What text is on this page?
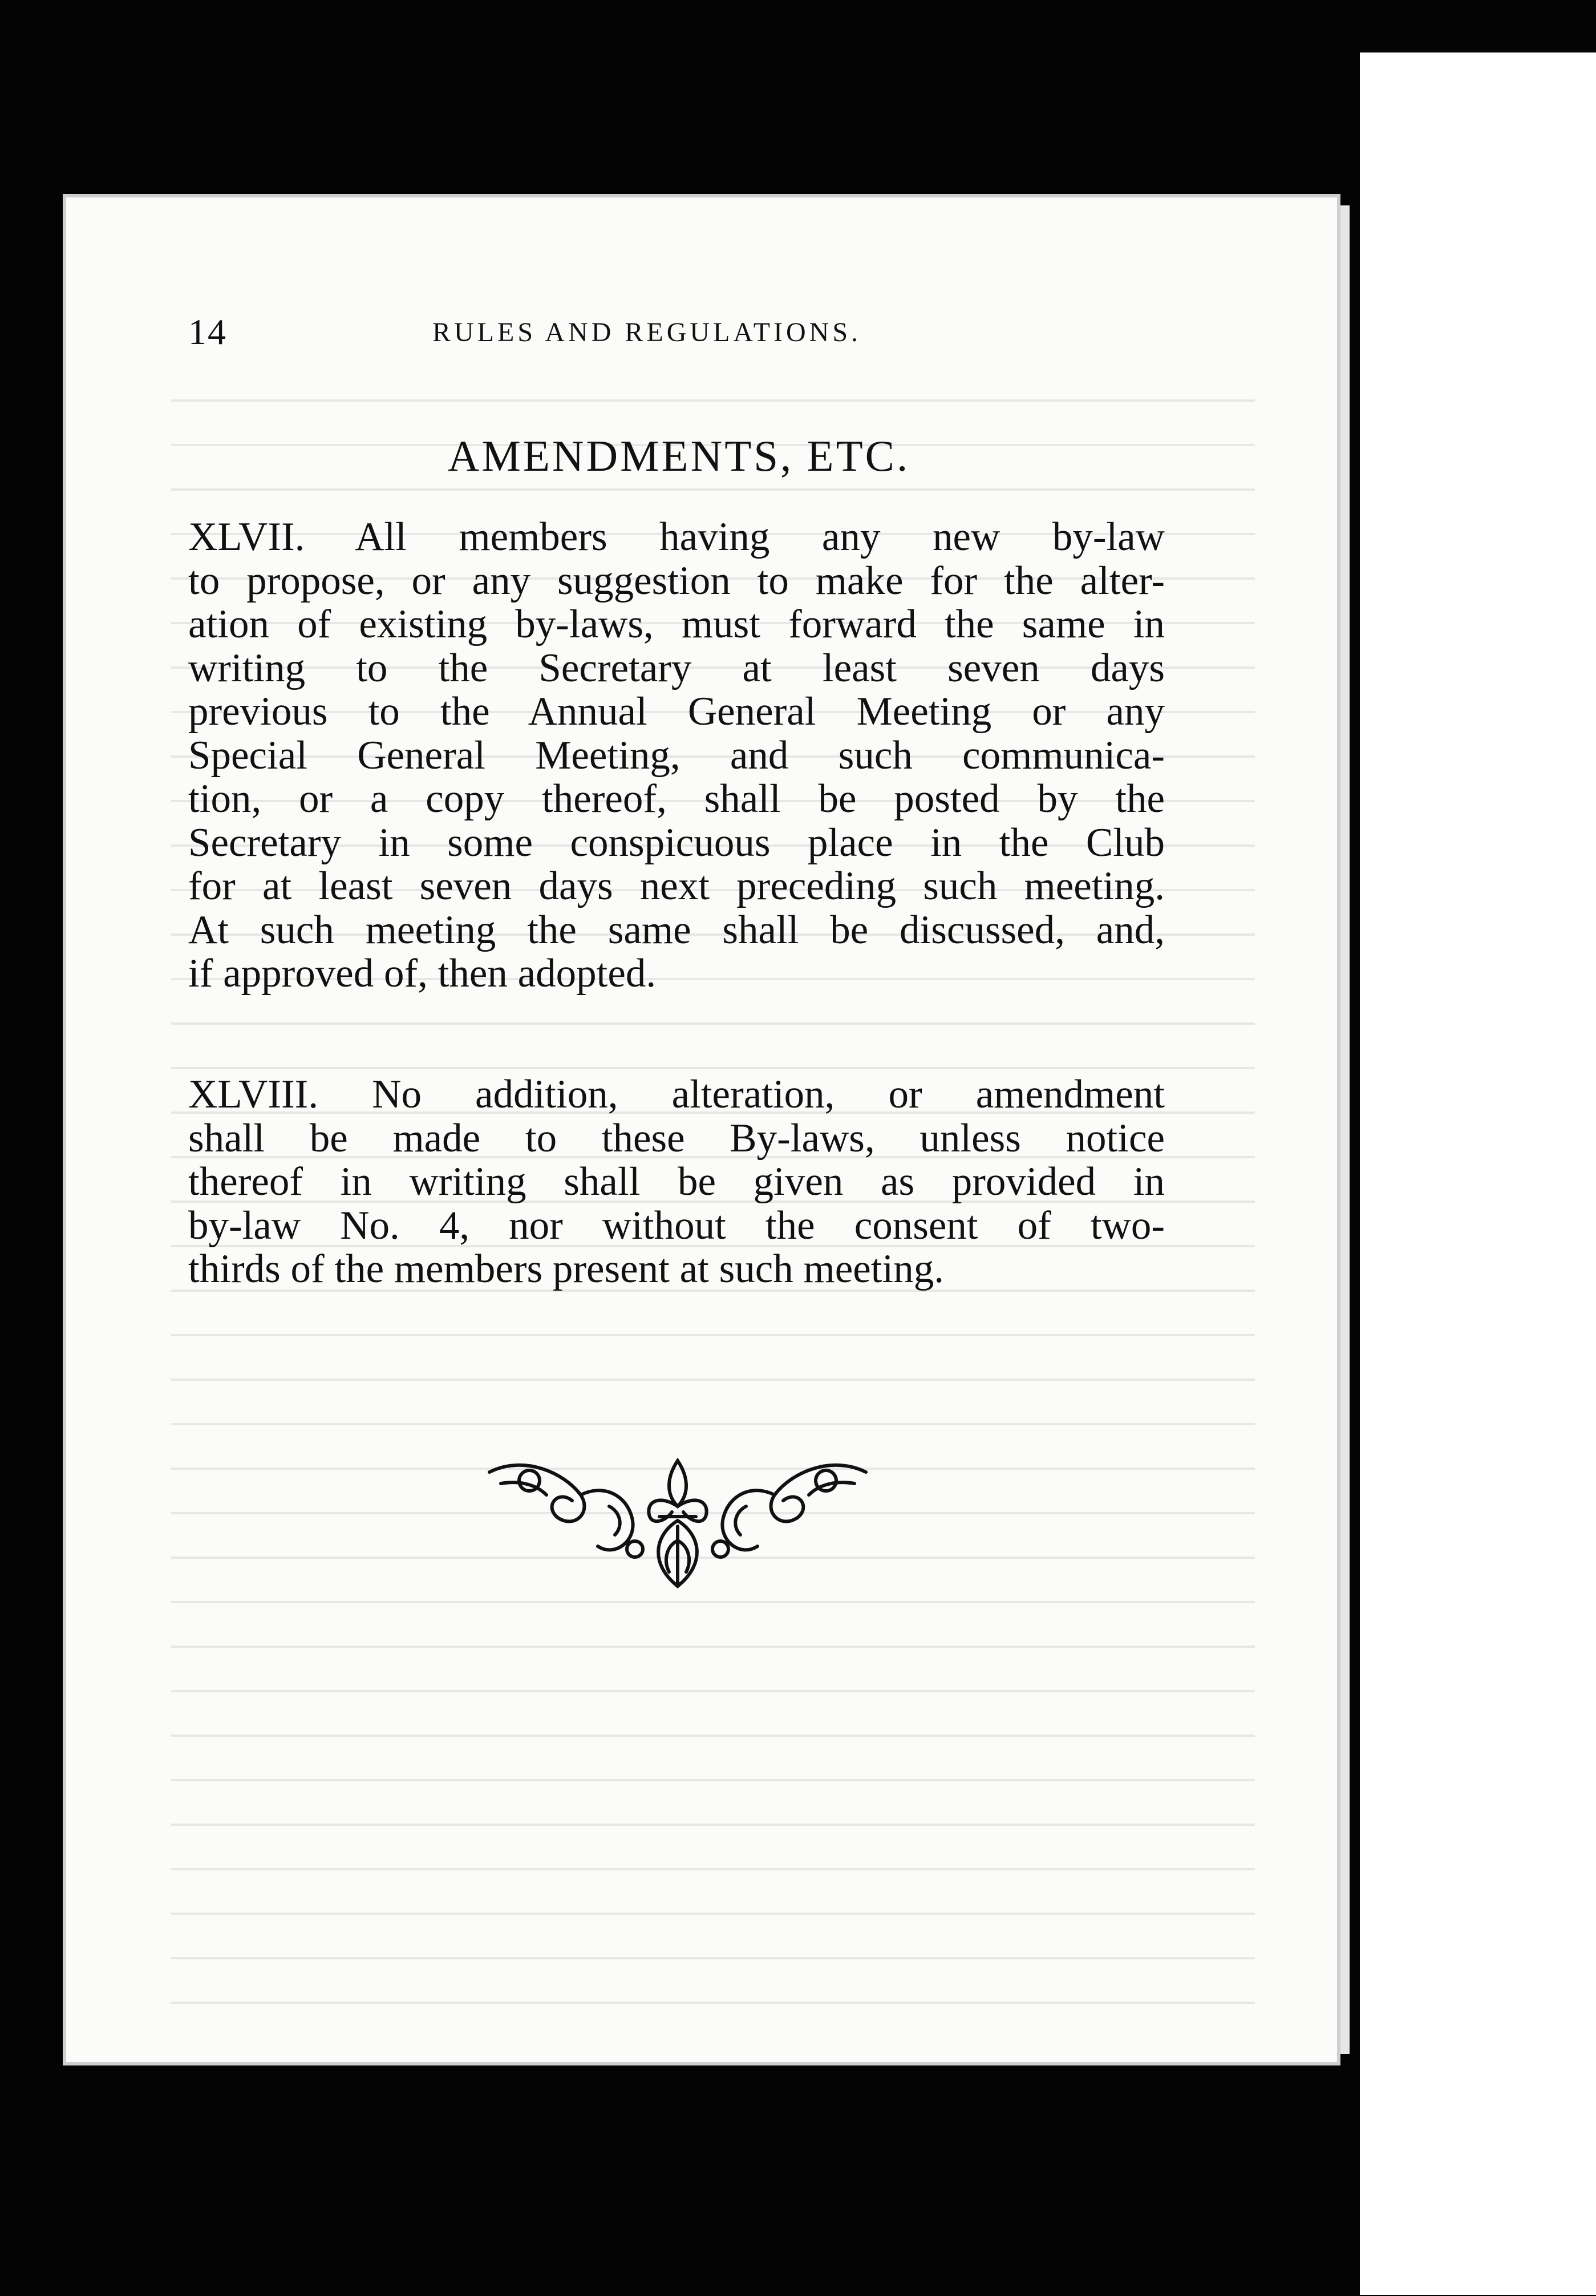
14	RULES AND REGULATIONS.
AMENDMENTS, ETC.
XLVII. All members having any new by-law
to propose, or any suggestion to make for the alter-
ation of existing by-laws, must forward the same in
writing to the Secretary at least seven days
previous to the Annual General Meeting or any
Special General Meeting, and such communica-
tion, or a copy thereof, shall be posted by the
Secretary in some conspicuous place in the Club
for at least seven days next preceding such meeting.
At such meeting the same shall be discussed, and,
if approved of, then adopted.
XLVIII. No addition, alteration, or amendment
shall be made to these By-laws, unless notice
thereof in writing shall be given as provided in
by-law No. 4, nor without the consent of two-
thirds of the members present at such meeting.
